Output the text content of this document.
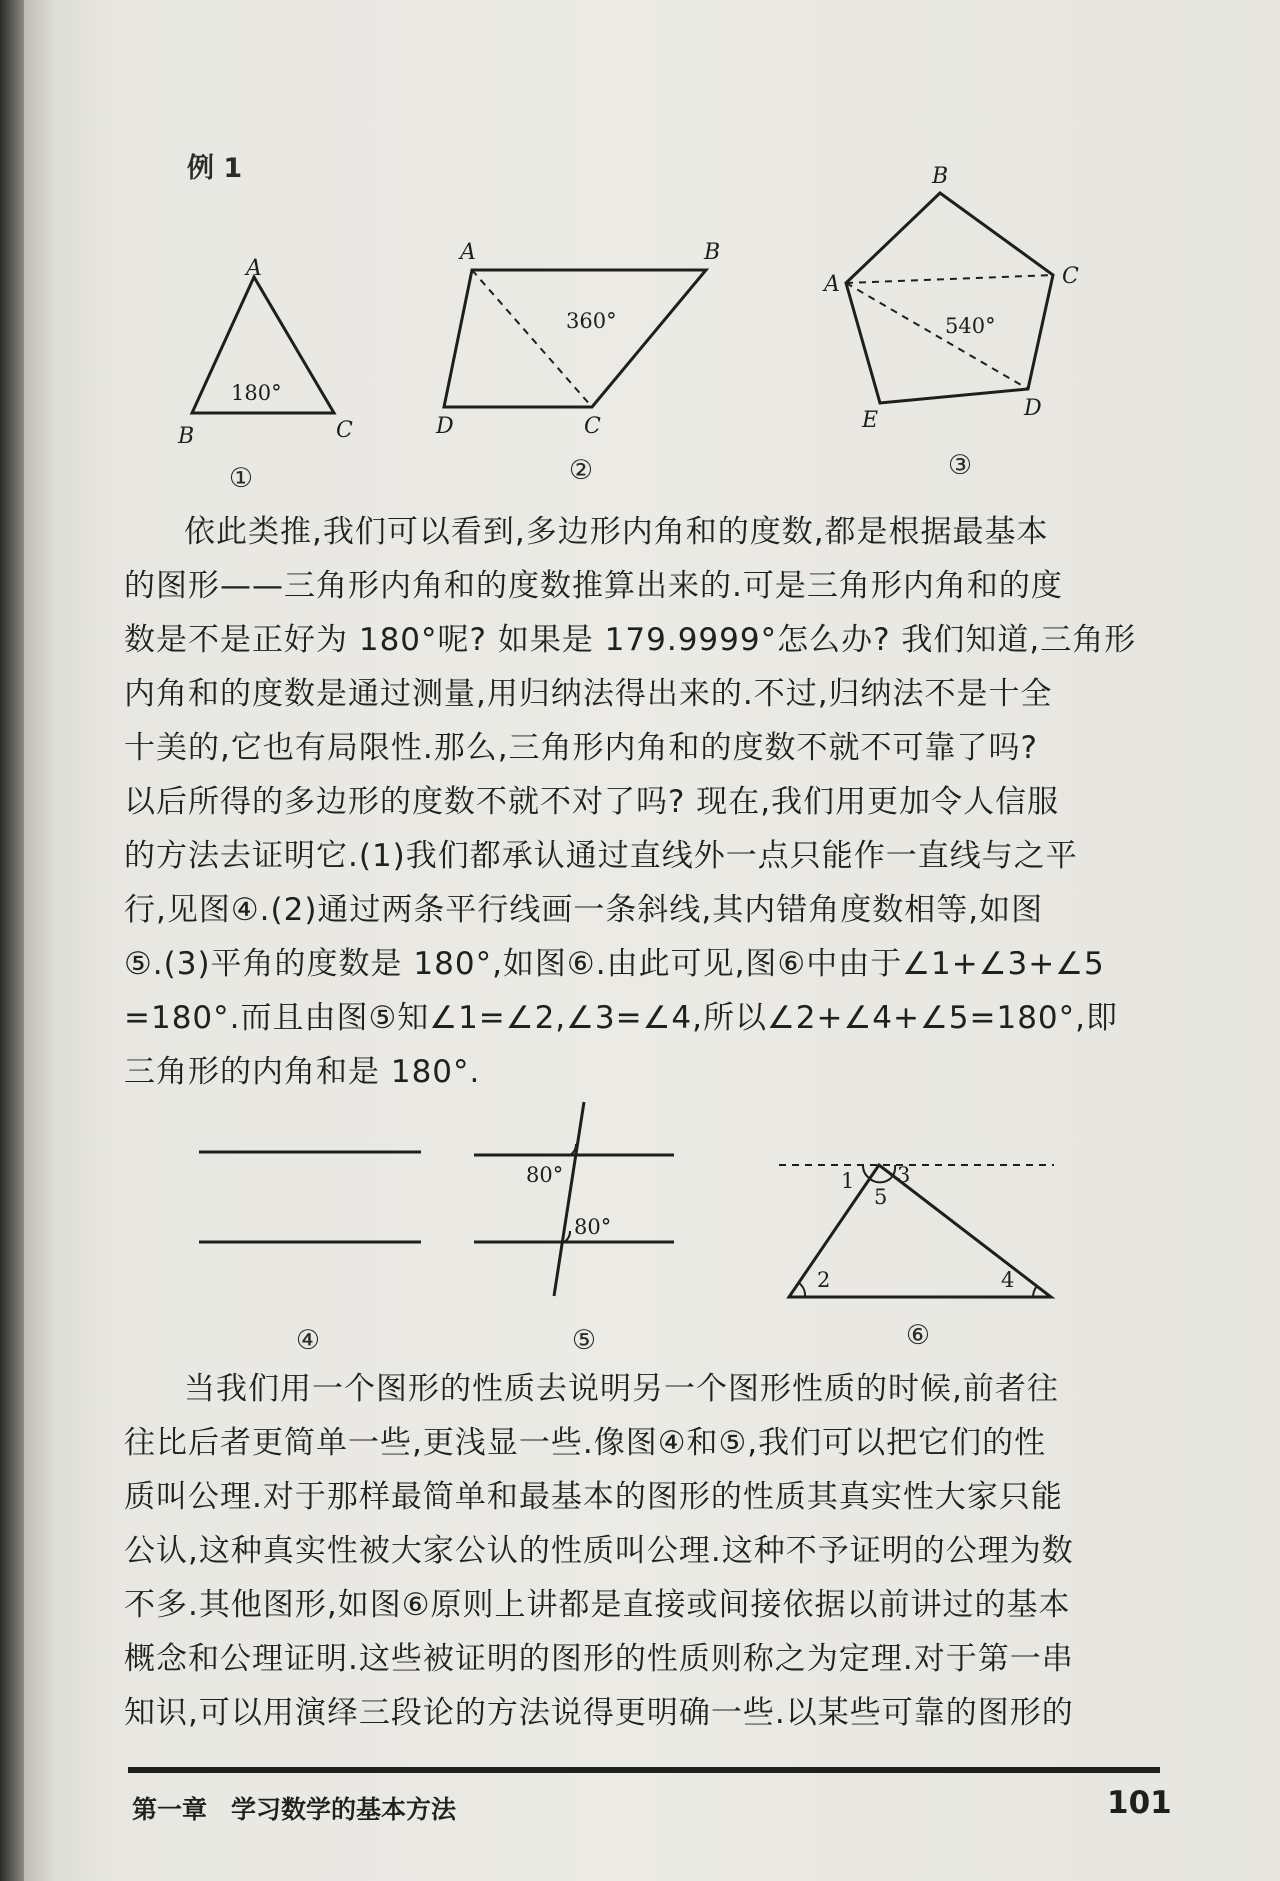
例 1
A
B	C
180°
①
A	B
C
D
360°
②
B
A	C
D
E
540°
③
依此类推,我们可以看到,多边形内角和的度数,都是根据最基本
的图形——三角形内角和的度数推算出来的.可是三角形内角和的度
数是不是正好为 180°呢? 如果是 179.9999°怎么办? 我们知道,三角形
内角和的度数是通过测量,用归纳法得出来的.不过,归纳法不是十全
十美的,它也有局限性.那么,三角形内角和的度数不就不可靠了吗?
以后所得的多边形的度数不就不对了吗? 现在,我们用更加令人信服
的方法去证明它.(1)我们都承认通过直线外一点只能作一直线与之平
行,见图④.(2)通过两条平行线画一条斜线,其内错角度数相等,如图
⑤.(3)平角的度数是 180°,如图⑥.由此可见,图⑥中由于∠1+∠3+∠5
=180°.而且由图⑤知∠1=∠2,∠3=∠4,所以∠2+∠4+∠5=180°,即
三角形的内角和是 180°.
④
80°
80°
⑤
1
5
3
2	4
⑥
当我们用一个图形的性质去说明另一个图形性质的时候,前者往
往比后者更简单一些,更浅显一些.像图④和⑤,我们可以把它们的性
质叫公理.对于那样最简单和最基本的图形的性质其真实性大家只能
公认,这种真实性被大家公认的性质叫公理.这种不予证明的公理为数
不多.其他图形,如图⑥原则上讲都是直接或间接依据以前讲过的基本
概念和公理证明.这些被证明的图形的性质则称之为定理.对于第一串
知识,可以用演绎三段论的方法说得更明确一些.以某些可靠的图形的
第一章 学习数学的基本方法	101
